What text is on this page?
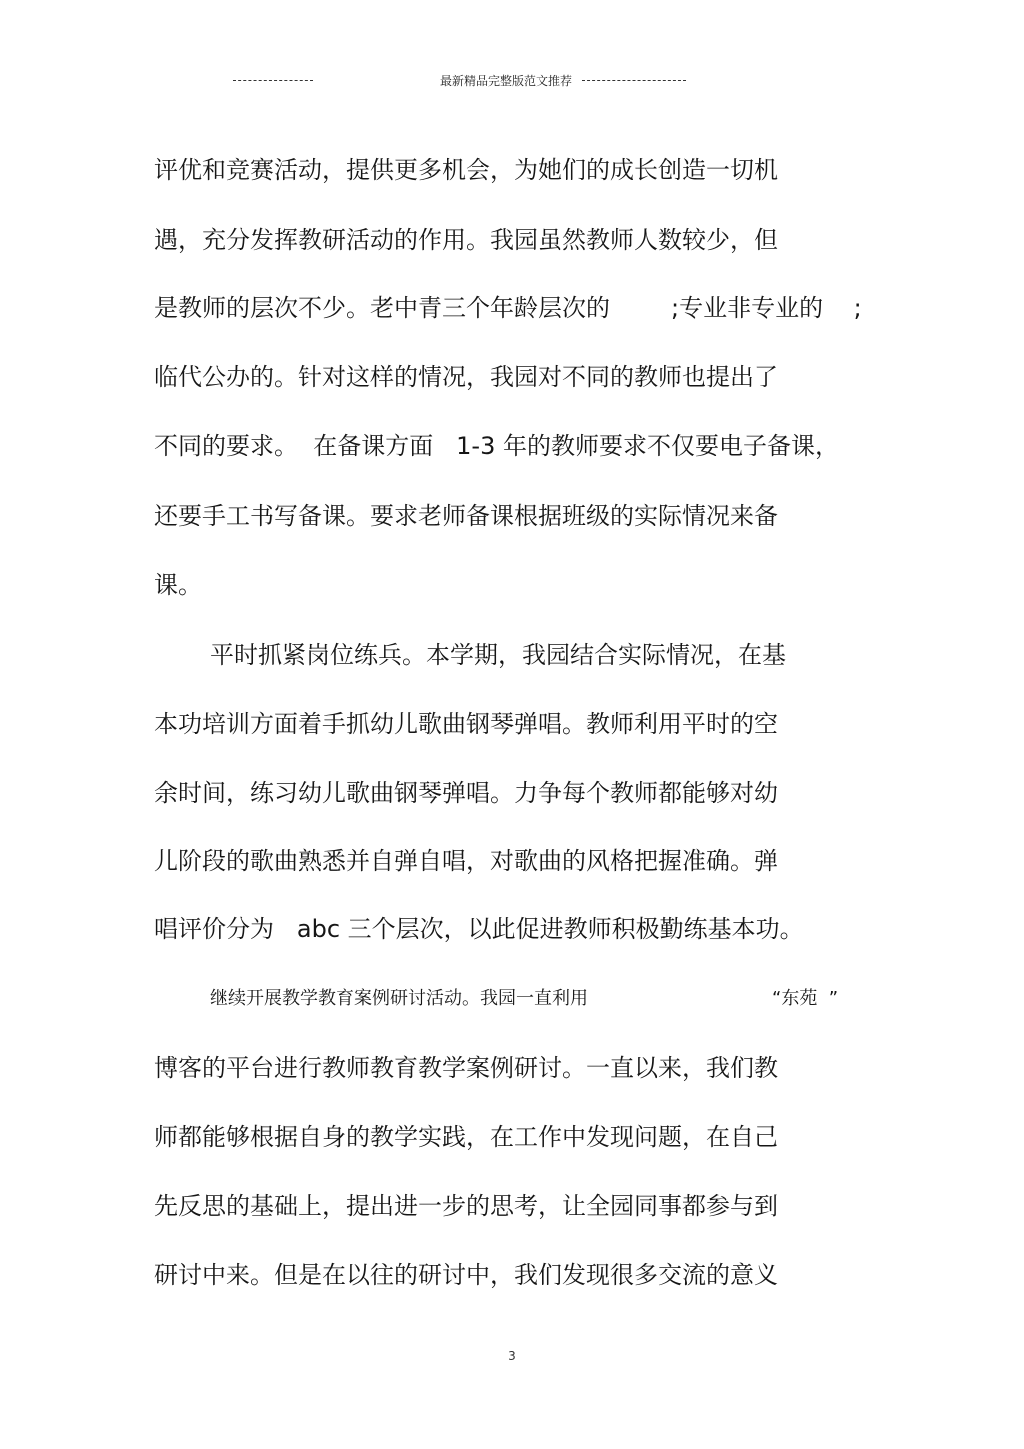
最新精品完整版范文推荐
评优和竞赛活动，提供更多机会，为她们的成长创造一切机
遇，充分发挥教研活动的作用。我园虽然教师人数较少，但
是教师的层次不少。老中青三个年龄层次的        ;专业非专业的    ;
临代公办的。针对这样的情况，我园对不同的教师也提出了
不同的要求。  在备课方面   1-3 年的教师要求不仅要电子备课，
还要手工书写备课。要求老师备课根据班级的实际情况来备
课。
平时抓紧岗位练兵。本学期，我园结合实际情况，在基
本功培训方面着手抓幼儿歌曲钢琴弹唱。教师利用平时的空
余时间，练习幼儿歌曲钢琴弹唱。力争每个教师都能够对幼
儿阶段的歌曲熟悉并自弹自唱，对歌曲的风格把握准确。弹
唱评价分为   abc 三个层次，以此促进教师积极勤练基本功。
继续开展教学教育案例研讨活动。我园一直利用	“东苑  ”
博客的平台进行教师教育教学案例研讨。一直以来，我们教
师都能够根据自身的教学实践，在工作中发现问题，在自己
先反思的基础上，提出进一步的思考，让全园同事都参与到
研讨中来。但是在以往的研讨中，我们发现很多交流的意义
3
